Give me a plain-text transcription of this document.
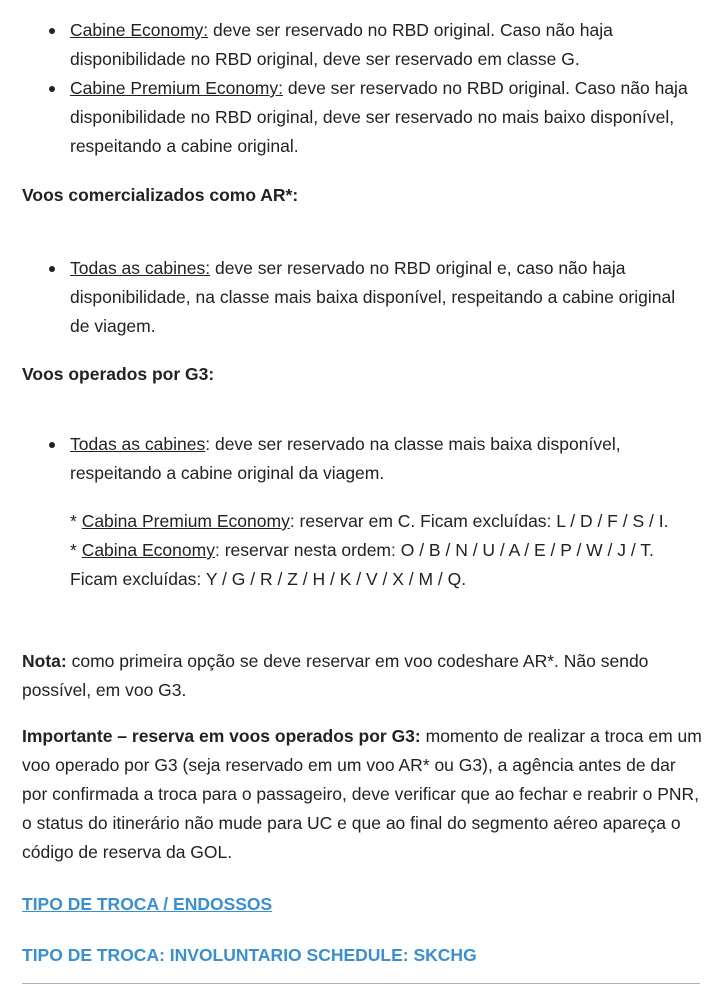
Cabine Economy: deve ser reservado no RBD original. Caso não haja disponibilidade no RBD original, deve ser reservado em classe G.
Cabine Premium Economy: deve ser reservado no RBD original. Caso não haja disponibilidade no RBD original, deve ser reservado no mais baixo disponível, respeitando a cabine original.
Voos comercializados como AR*:
Todas as cabines: deve ser reservado no RBD original e, caso não haja disponibilidade, na classe mais baixa disponível, respeitando a cabine original de viagem.
Voos operados por G3:
Todas as cabines: deve ser reservado na classe mais baixa disponível, respeitando a cabine original da viagem.
* Cabina Premium Economy: reservar em C. Ficam excluídas: L / D / F / S / I.
* Cabina Economy: reservar nesta ordem: O / B / N / U / A / E / P / W / J / T. Ficam excluídas: Y / G / R / Z / H / K / V / X / M / Q.

Nota: como primeira opção se deve reservar em voo codeshare AR*. Não sendo possível, em voo G3.

Importante – reserva em voos operados por G3: momento de realizar a troca em um voo operado por G3 (seja reservado em um voo AR* ou G3), a agência antes de dar por confirmada a troca para o passageiro, deve verificar que ao fechar e reabrir o PNR, o status do itinerário não mude para UC e que ao final do segmento aéreo apareça o código de reserva da GOL.

TIPO DE TROCA / ENDOSSOS
TIPO DE TROCA: INVOLUNTARIO SCHEDULE: SKCHG
